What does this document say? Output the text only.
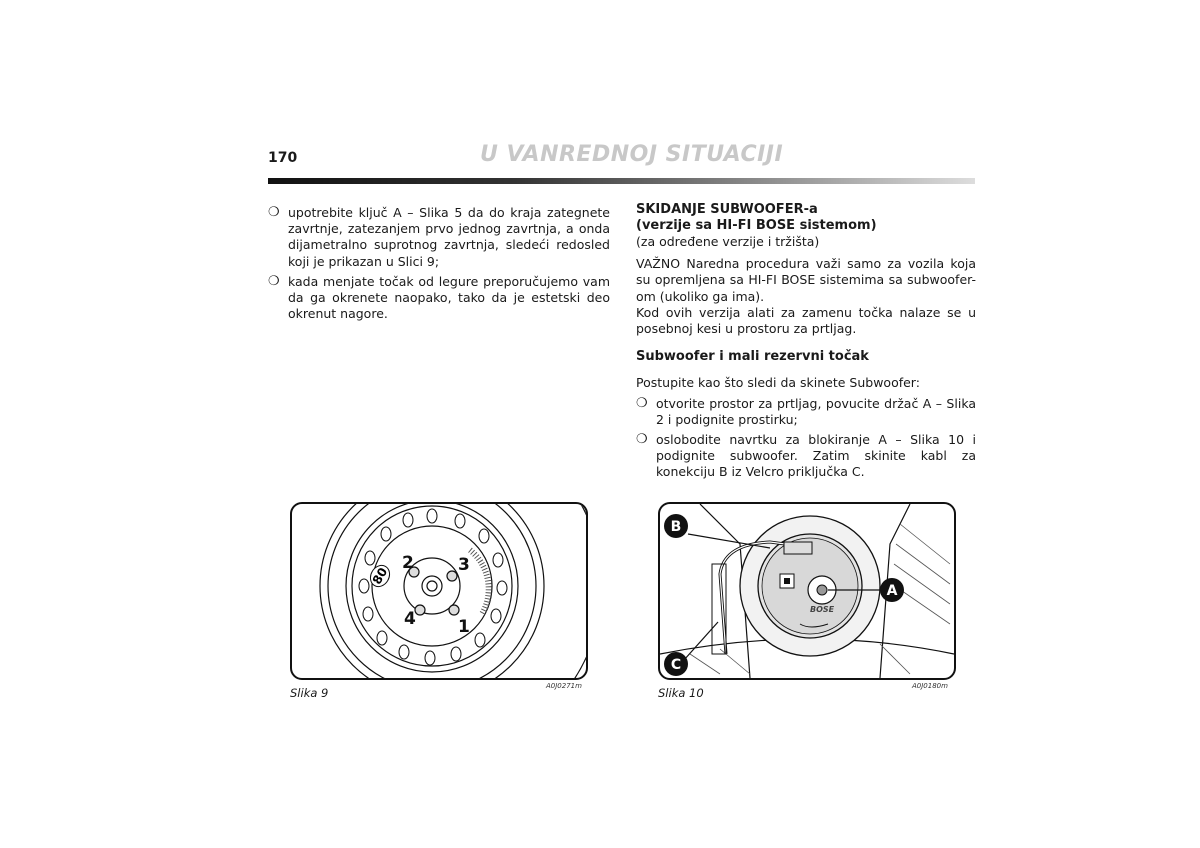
170	U VANREDNOJ SITUACIJI
❍ upotrebite ključ A – Slika 5 da do kraja zategnete zavrtnje, zatezanjem prvo jednog zavrtnja, a onda dijametralno suprotnog zavrtnja, sledeći redosled koji je prikazan u Slici 9;
❍ kada menjate točak od legure preporučujemo vam da ga okrenete naopako, tako da je estetski deo okrenut nagore.
SKIDANJE SUBWOOFER-a
(verzije sa HI-FI BOSE sistemom)

(za određene verzije i tržišta)

VAŽNO Naredna procedura važi samo za vozila koja su opremljena sa HI-FI BOSE sistemima sa subwoofer-om (ukoliko ga ima).

Kod ovih verzija alati za zamenu točka nalaze se u posebnoj kesi u prostoru za prtljag.

Subwoofer i mali rezervni točak

Postupite kao što sledi da skinete Subwoofer:

❍ otvorite prostor za prtljag, povucite držač A – Slika 2 i podignite prostirku;
❍ oslobodite navrtku za blokiranje A – Slika 10 i podignite subwoofer. Zatim skinite kabl za konekciju B iz Velcro priključka C.
80
2	3
4 1
Slika 9	A0J0271m
BOSE
B
C
A
Slika 10	A0J0180m
